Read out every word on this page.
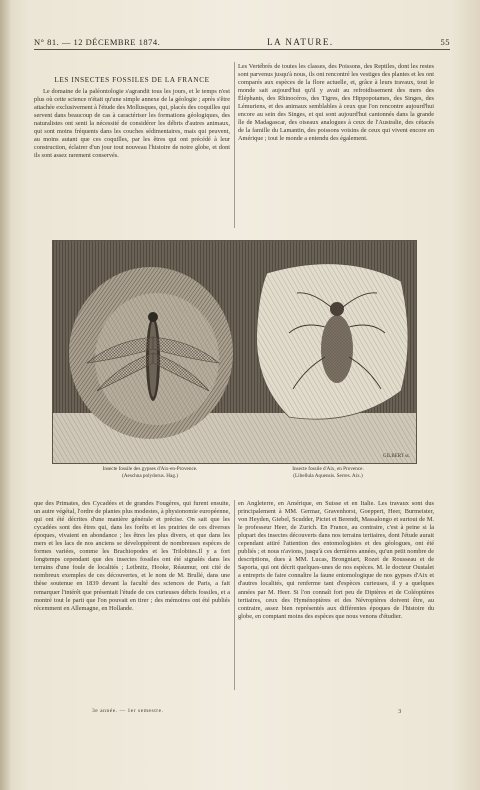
N° 81. — 12 DÉCEMBRE 1874.	LA NATURE.	55
LES INSECTES FOSSILES DE LA FRANCE

Le domaine de la paléontologie s'agrandit tous les jours, et le temps n'est plus où cette science n'était qu'une simple annexe de la géologie ; après s'être attachée exclusivement à l'étude des Mollusques, qui, placés des coquilles qui servent dans beaucoup de cas à caractériser les formations géologiques, des naturalistes ont senti la nécessité de considérer les débris d'autres animaux, qui sont moins fréquents dans les couches sédimentaires, mais qui peuvent, au moins autant que ces coquilles, par les êtres qui ont précédé à leur construction, éclairer d'un jour tout nouveau l'histoire de notre globe, et dont ils sont assez rarement conservés.

Les Vertébrés de toutes les classes, des Poissons, des Reptiles, dont les restes sont parvenus jusqu'à nous, ils ont rencontré les vestiges des plantes et les ont comparés aux espèces de la flore actuelle, et, grâce à leurs travaux, tout le monde sait aujourd'hui qu'il y avait au refroidissement des mers des Éléphants, des Rhinocéros, des Tigres, des Hippopotames, des Singes, des Lémuriens, et des animaux semblables à ceux que l'on rencontre aujourd'hui encore au sein des Singes, et qui sont aujourd'hui cantonnés dans la grande île de Madagascar, des oiseaux analogues à ceux de l'Australie, des cétacés de la famille du Lamantin, des poissons voisins de ceux qui vivent encore en Amérique ; tout le monde a entendu des également.

GILBERT sc.
Insecte fossile des gypses d'Aix-en-Provence.
(Aeschna polydorus. Hag.)
Insecte fossile d'Aix, en Provence.
(Libellula Aquensis. Serres. Aix.)

que des Primates, des Cycadées et de grandes Fougères, qui furent ensuite, un autre végétal, l'ordre de plantes plus modestes, à physionomie européenne, qui ont été décrites d'une manière générale et précise. On sait que les cycadées sont des êtres qui, dans les forêts et les prairies de ces diverses époques, vivaient en abondance ; les êtres les plus divers, et que dans les mers et les lacs de nos anciens se développèrent de nombreuses espèces de formes variées, comme les Brachiopodes et les Trilobites.Il y a fort longtemps cependant que des insectes fossiles ont été signalés dans les terrains d'une foule de localités ; Leibnitz, Hooke, Réaumur, ont cité de nombreux exemples de ces découvertes, et le nom de M. Brullé, dans une thèse soutenue en 1839 devant la faculté des sciences de Paris, a fait remarquer l'intérêt que présentait l'étude de ces curieuses débris fossiles, et a montré tout le parti que l'on pouvait en tirer ; des mémoires ont été publiés récemment en Allemagne, en Hollande.

en Angleterre, en Amérique, en Suisse et en Italie. Les travaux sont dus principalement à MM. Germar, Gravenhorst, Goeppert, Heer, Burmeister, von Heyden, Giebel, Scudder, Pictet et Berendt, Massalongo et surtout de M. le professeur Heer, de Zurich. En France, au contraire, c'est à peine si la plupart des insectes découverts dans nos terrains tertiaires, dont l'étude aurait cependant attiré l'attention des entomologistes et des géologues, ont été publiés ; et nous n'avions, jusqu'à ces dernières années, qu'un petit nombre de descriptions, dues à MM. Lucas, Brongniart, Rozet de Rousseau et de Saporta, qui ont décrit quelques-unes de nos espèces. M. le docteur Oustalet a entrepris de faire connaître la faune entomologique de nos gypses d'Aix et d'autres localités, qui renferme tant d'espèces curieuses, il y a quelques années par M. Heer. Si l'on connaît fort peu de Diptères et de Coléoptères tertiaires, ceux des Hyménoptères et des Névroptères doivent être, au contraire, assez bien représentés aux différentes époques de l'histoire du globe, en comptant moins des espèces que nous venons d'étudier.

3e année. — 1er semestre.	3
